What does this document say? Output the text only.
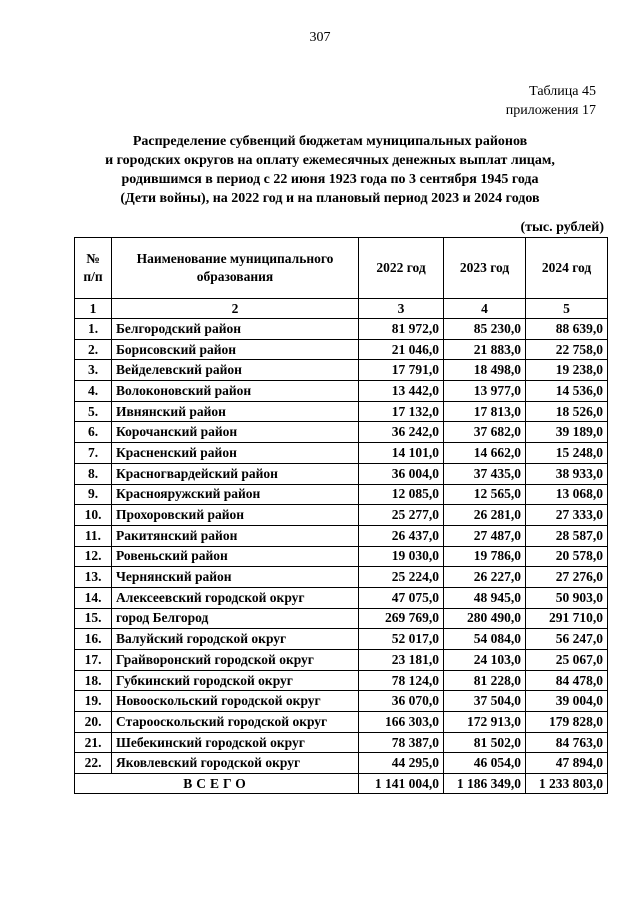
307
Таблица 45
приложения 17
Распределение субвенций бюджетам муниципальных районов
и городских округов на оплату ежемесячных денежных выплат лицам,
родившимся в период с 22 июня 1923 года по 3 сентября 1945 года
(Дети войны), на 2022 год и на плановый период 2023 и 2024 годов
(тыс. рублей)
№ п/п	Наименование муниципального образования	2022 год	2023 год	2024 год
1	2	3	4	5
1.	Белгородский район	81 972,0	85 230,0	88 639,0
2.	Борисовский район	21 046,0	21 883,0	22 758,0
3.	Вейделевский район	17 791,0	18 498,0	19 238,0
4.	Волоконовский район	13 442,0	13 977,0	14 536,0
5.	Ивнянский район	17 132,0	17 813,0	18 526,0
6.	Корочанский район	36 242,0	37 682,0	39 189,0
7.	Красненский район	14 101,0	14 662,0	15 248,0
8.	Красногвардейский район	36 004,0	37 435,0	38 933,0
9.	Краснояружский район	12 085,0	12 565,0	13 068,0
10.	Прохоровский район	25 277,0	26 281,0	27 333,0
11.	Ракитянский район	26 437,0	27 487,0	28 587,0
12.	Ровеньский район	19 030,0	19 786,0	20 578,0
13.	Чернянский район	25 224,0	26 227,0	27 276,0
14.	Алексеевский городской округ	47 075,0	48 945,0	50 903,0
15.	город Белгород	269 769,0	280 490,0	291 710,0
16.	Валуйский городской округ	52 017,0	54 084,0	56 247,0
17.	Грайворонский городской округ	23 181,0	24 103,0	25 067,0
18.	Губкинский городской округ	78 124,0	81 228,0	84 478,0
19.	Новооскольский городской округ	36 070,0	37 504,0	39 004,0
20.	Старооскольский городской округ	166 303,0	172 913,0	179 828,0
21.	Шебекинский городской округ	78 387,0	81 502,0	84 763,0
22.	Яковлевский городской округ	44 295,0	46 054,0	47 894,0
ВСЕГО		1 141 004,0	1 186 349,0	1 233 803,0
